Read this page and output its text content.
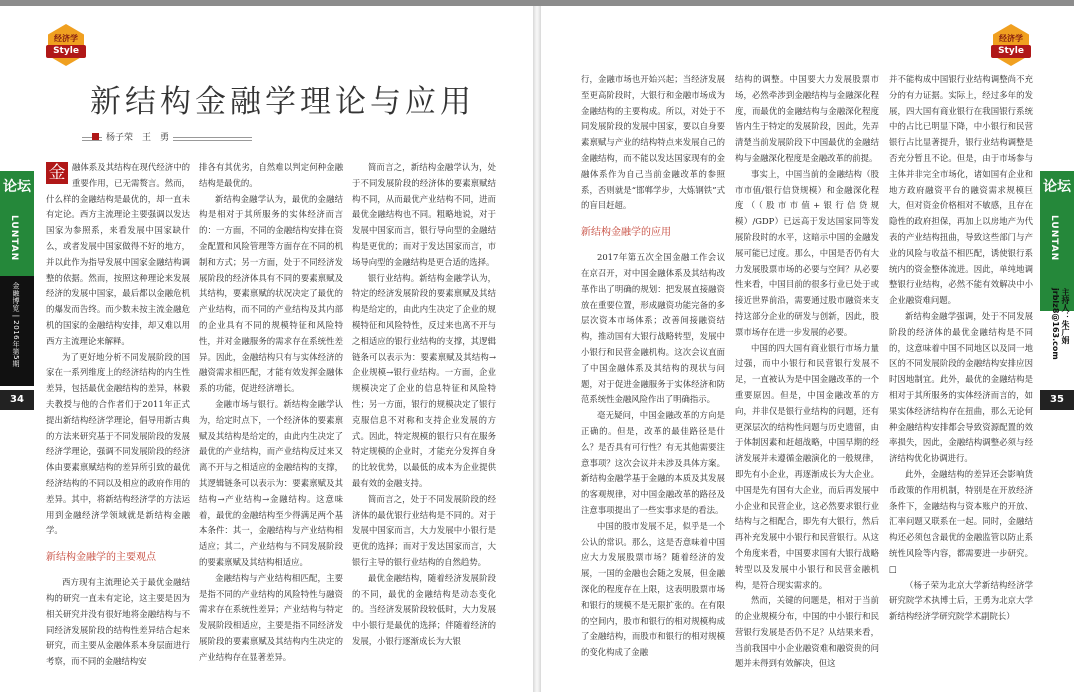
经济学
Style
论坛
LUNTAN
金融博览 | 2016年第5期
34
新结构金融学理论与应用
杨子荣　王　勇

金 融体系及其结构在现代经济中的重要作用，已无需赘言。然而，什么样的金融结构是最优的，却一直未有定论。西方主流理论主要强调以发达国家为参照系，来看发展中国家缺什么，或者发展中国家做得不好的地方，并以此作为指导发展中国家金融结构调整的依据。然而，按照这种理论来发展经济的发展中国家，最后都以金融危机的爆发而告终。而少数未按主流金融危机的国家的金融结构安排，却又难以用西方主流理论来解释。

为了更好地分析不同发展阶段的国家在一系列维度上的经济结构的内生性差异，包括最优金融结构的差异，林毅夫教授与他的合作者们于2011年正式提出新结构经济学理论，倡导用新古典的方法来研究基于不同发展阶段的发展经济学理论，强调不同发展阶段的经济体由要素禀赋结构的差异所引致的最优经济结构的不同以及相应的政府作用的差异。其中，将新结构经济学的方法运用到金融经济学领域就是新结构金融学。

新结构金融学的主要观点

西方现有主流理论关于最优金融结构的研究一直未有定论，这主要是因为相关研究并没有很好地将金融结构与不同经济发展阶段的结构性差异结合起来研究，而主要从金融体系本身层面进行考察，而不同的金融结构安

排各有其优劣，自然难以判定何种金融结构是最优的。

新结构金融学认为，最优的金融结构是相对于其所服务的实体经济而言的：一方面，不同的金融结构安排在资金配置和风险管理等方面存在不同的机制和方式；另一方面，处于不同经济发展阶段的经济体具有不同的要素禀赋及其结构，要素禀赋的状况决定了最优的产业结构，而不同的产业结构及其内部的企业具有不同的规模特征和风险特性，并对金融服务的需求存在系统性差异。因此，金融结构只有与实体经济的融资需求相匹配，才能有效发挥金融体系的功能，促进经济增长。

金融市场与银行。新结构金融学认为，给定时点下，一个经济体的要素禀赋及其结构是给定的，由此内生决定了最优的产业结构，而产业结构反过来又离不开与之相适应的金融结构的支撑，其逻辑链条可以表示为：要素禀赋及其结构→产业结构→金融结构。这意味着，最优的金融结构至少得满足两个基本条件：其一，金融结构与产业结构相适应；其二，产业结构与不同发展阶段的要素禀赋及其结构相适应。

金融结构与产业结构相匹配，主要是指不同的产业结构的风险特性与融资需求存在系统性差异；产业结构与特定发展阶段相适应，主要是指不同经济发展阶段的要素禀赋及其结构内生决定的产业结构存在显著差异。

简而言之，新结构金融学认为，处于不同发展阶段的经济体的要素禀赋结构不同，从而最优产业结构不同，进而最优金融结构也不同。粗略地说，对于发展中国家而言，银行导向型的金融结构是更优的；而对于发达国家而言，市场导向型的金融结构是更合适的选择。

银行业结构。新结构金融学认为，特定的经济发展阶段的要素禀赋及其结构是给定的，由此内生决定了企业的规模特征和风险特性，反过来也离不开与之相适应的银行业结构的支撑，其逻辑链条可以表示为：要素禀赋及其结构→企业规模→银行业结构。一方面，企业规模决定了企业的信息特征和风险特性；另一方面，银行的规模决定了银行克服信息不对称和支持企业发展的方式。因此，特定规模的银行只有在服务特定规模的企业时，才能充分发挥自身的比较优势，以最低的成本为企业提供最有效的金融支持。

简而言之，处于不同发展阶段的经济体的最优银行业结构是不同的。对于发展中国家而言，大力发展中小银行是更优的选择；而对于发达国家而言，大银行主导的银行业结构的自然趋势。

最优金融结构，随着经济发展阶段的不同，最优的金融结构是动态变化的。当经济发展阶段较低时，大力发展中小银行是最优的选择；伴随着经济的发展，小银行逐渐成长为大银

经济学
Style
论坛
LUNTAN
主持人：朱广娟 jrblz8@163.com
35

行，金融市场也开始兴起；当经济发展至更高阶段时，大银行和金融市场成为金融结构的主要构成。所以，对处于不同发展阶段的发展中国家，要以自身要素禀赋与产业的结构特点来发展自己的金融结构，而不能以发达国家现有的金融体系作为自己当前金融改革的参照系，否则就是“邯郸学步，大炼钢铁”式的盲目赶超。

新结构金融学的应用

2017年第五次全国金融工作会议在京召开，对中国金融体系及其结构改革作出了明确的规划：把发展直接融资放在重要位置，形成融资功能完备的多层次资本市场体系；改善间接融资结构，推动国有大银行战略转型，发展中小银行和民营金融机构。这次会议直面了中国金融体系及其结构的现状与问题，对于促进金融服务于实体经济和防范系统性金融风险作出了明确指示。

毫无疑问，中国金融改革的方向是正确的。但是，改革的最佳路径是什么？是否具有可行性？有无其他需要注意事项？这次会议并未涉及具体方案。新结构金融学基于金融的本质及其发展的客观规律，对中国金融改革的路径及注意事项提出了一些实事求是的看法。

中国的股市发展不足，似乎是一个公认的常识。那么，这是否意味着中国应大力发展股票市场？随着经济的发展，一国的金融也会随之发展，但金融深化的程度存在上限，这表明股票市场和银行的规模不是无限扩张的。在有限的空间内，股市和银行的相对规模构成了金融结构，而股市和银行的相对规模的变化构成了金融

结构的调整。中国要大力发展股票市场，必然牵涉到金融结构与金融深化程度，而最优的金融结构与金融深化程度皆内生于特定的发展阶段，因此，先弄清楚当前发展阶段下中国最优的金融结构与金融深化程度是金融改革的前提。

事实上，中国当前的金融结构（股市市值/银行信贷规模）和金融深化程度（（股市市值+银行信贷规模）/GDP）已远高于发达国家同等发展阶段时的水平，这暗示中国的金融发展可能已过度。那么，中国是否仍有大力发展股票市场的必要与空间？从必要性来看，中国目前的很多行业已处于或接近世界前沿，需要通过股市融资来支持这部分企业的研发与创新，因此，股票市场存在进一步发展的必要。

中国的四大国有商业银行市场力量过强，而中小银行和民营银行发展不足，一直被认为是中国金融改革的一个重要原因。但是，中国金融改革的方向，并非仅是银行业结构的问题，还有更深层次的结构性问题与历史遗留，由于体制因素和赶超战略，中国早期的经济发展并未遵循金融演化的一般规律，即先有小企业，再逐渐成长为大企业。中国是先有国有大企业，而后再发展中小企业和民营企业，这必然要求银行业结构与之相配合，即先有大银行，然后再补充发展中小银行和民营银行。从这个角度来看，中国要求国有大银行战略转型以及发展中小银行和民营金融机构，是符合现实需求的。

然而，关键的问题是，相对于当前的企业规模分布，中国的中小银行和民营银行发展是否仍不足？从结果来看，当前我国中小企业融资难和融资贵的问题并未得到有效解决，但这

并不能构成中国银行业结构调整尚不充分的有力证据。实际上，经过多年的发展，四大国有商业银行在我国银行系统中的占比已明显下降，中小银行和民营银行占比显著提升，银行业结构调整是否充分暂且不论。但是，由于市场参与主体并非完全市场化，诸如国有企业和地方政府融资平台的融资需求规模巨大，但对资金价格相对不敏感，且存在隐性的政府担保，再加上以房地产为代表的产业结构扭曲，导致这些部门与产业的风险与收益不相匹配，诱使银行系统内的资金整体流进。因此，单纯地调整银行业结构，必然不能有效解决中小企业融资难问题。

新结构金融学强调，处于不同发展阶段的经济体的最优金融结构是不同的，这意味着中国不同地区以及同一地区的不同发展阶段的金融结构安排应因时因地制宜。此外，最优的金融结构是相对于其所服务的实体经济而言的，如果实体经济结构存在扭曲，那么无论何种金融结构安排都会导致资源配置的效率损失，因此，金融结构调整必须与经济结构优化协调进行。

此外，金融结构的差异还会影响货币政策的作用机制，特别是在开放经济条件下，金融结构与资本账户的开放、汇率问题又联系在一起。同时，金融结构还必须包含最优的金融监管以防止系统性风险等内容，都需要进一步研究。□

（杨子荣为北京大学新结构经济学研究院学术执博士后，王勇为北京大学新结构经济学研究院学术副院长）
